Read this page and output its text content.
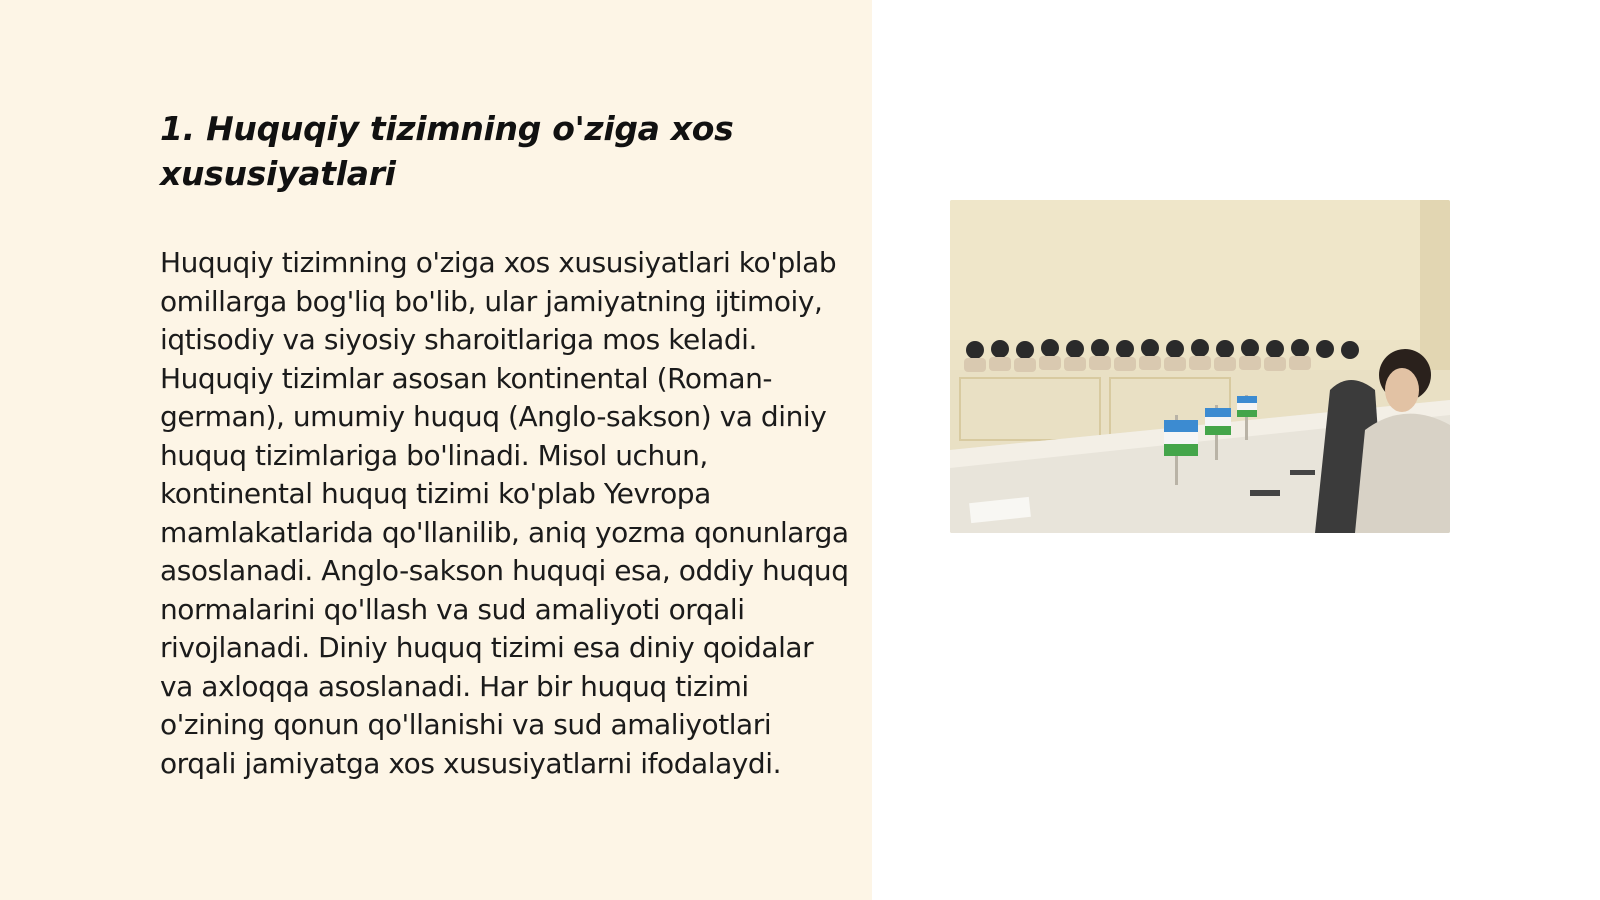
1. Huquqiy tizimning o'ziga xos xususiyatlari

Huquqiy tizimning o'ziga xos xususiyatlari ko'plab omillarga bog'liq bo'lib, ular jamiyatning ijtimoiy, iqtisodiy va siyosiy sharoitlariga mos keladi. Huquqiy tizimlar asosan kontinental (Roman-german), umumiy huquq (Anglo-sakson) va diniy huquq tizimlariga bo'linadi. Misol uchun, kontinental huquq tizimi ko'plab Yevropa mamlakatlarida qo'llanilib, aniq yozma qonunlarga asoslanadi. Anglo-sakson huquqi esa, oddiy huquq normalarini qo'llash va sud amaliyoti orqali rivojlanadi. Diniy huquq tizimi esa diniy qoidalar va axloqqa asoslanadi. Har bir huquq tizimi o'zining qonun qo'llanishi va sud amaliyotlari orqali jamiyatga xos xususiyatlarni ifodalaydi.
